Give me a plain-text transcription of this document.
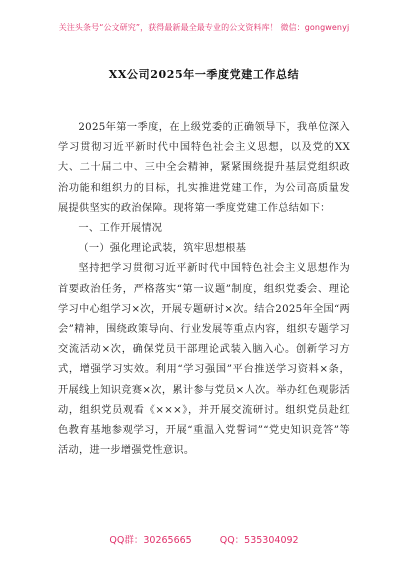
关注头条号“公文研究”，获得最新最全最专业的公文资料库！ 微信：gongwenyj
XX公司2025年一季度党建工作总结

2025年第一季度，在上级党委的正确领导下，我单位深入学习贯彻习近平新时代中国特色社会主义思想，以及党的XX大、二十届二中、三中全会精神，紧紧围绕提升基层党组织政治功能和组织力的目标，扎实推进党建工作，为公司高质量发展提供坚实的政治保障。现将第一季度党建工作总结如下：

一、工作开展情况

（一）强化理论武装，筑牢思想根基

坚持把学习贯彻习近平新时代中国特色社会主义思想作为首要政治任务，严格落实“第一议题”制度，组织党委会、理论学习中心组学习×次，开展专题研讨×次。结合2025年全国“两会”精神，围绕政策导向、行业发展等重点内容，组织专题学习交流活动×次，确保党员干部理论武装入脑入心。创新学习方式，增强学习实效。利用“学习强国”平台推送学习资料×条，开展线上知识竞赛×次，累计参与党员×人次。举办红色观影活动，组织党员观看《×××》，并开展交流研讨。组织党员赴红色教育基地参观学习，开展“重温入党誓词”“党史知识竞答”等活动，进一步增强党性意识。

QQ群：30265665	QQ：535304092
